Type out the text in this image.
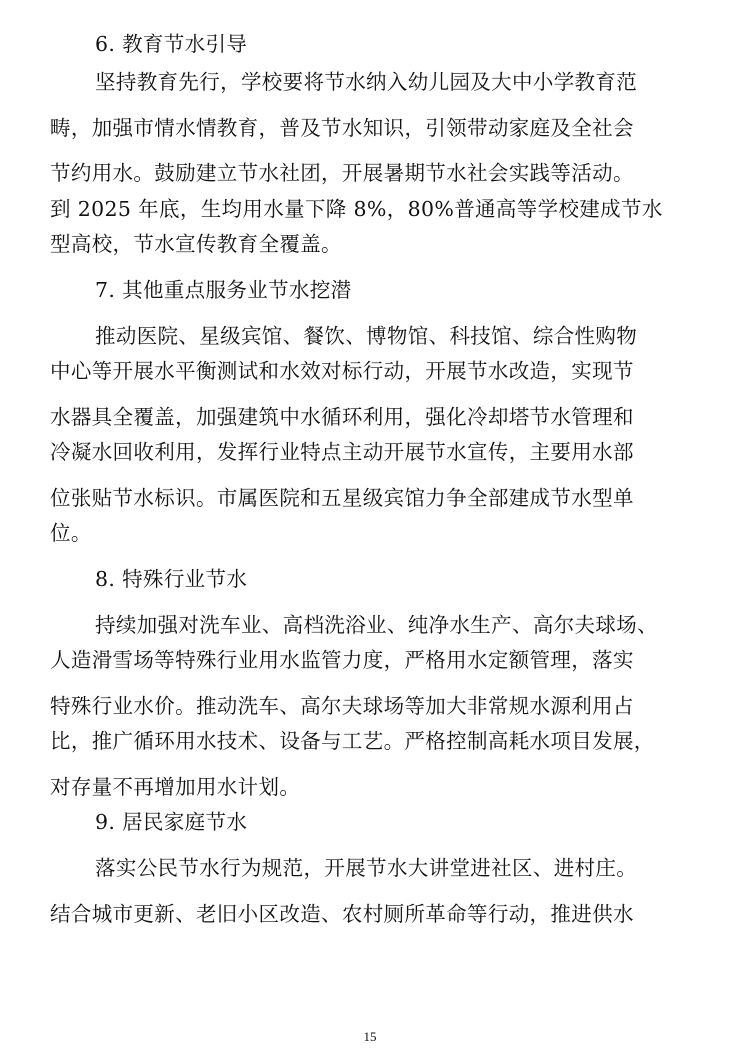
6. 教育节水引导
坚持教育先行，学校要将节水纳入幼儿园及大中小学教育范
畴，加强市情水情教育，普及节水知识，引领带动家庭及全社会
节约用水。鼓励建立节水社团，开展暑期节水社会实践等活动。
到 2025 年底，生均用水量下降 8%，80%普通高等学校建成节水
型高校，节水宣传教育全覆盖。
7. 其他重点服务业节水挖潜
推动医院、星级宾馆、餐饮、博物馆、科技馆、综合性购物
中心等开展水平衡测试和水效对标行动，开展节水改造，实现节
水器具全覆盖，加强建筑中水循环利用，强化冷却塔节水管理和
冷凝水回收利用，发挥行业特点主动开展节水宣传，主要用水部
位张贴节水标识。市属医院和五星级宾馆力争全部建成节水型单
位。
8. 特殊行业节水
持续加强对洗车业、高档洗浴业、纯净水生产、高尔夫球场、
人造滑雪场等特殊行业用水监管力度，严格用水定额管理，落实
特殊行业水价。推动洗车、高尔夫球场等加大非常规水源利用占
比，推广循环用水技术、设备与工艺。严格控制高耗水项目发展，
对存量不再增加用水计划。
9. 居民家庭节水
落实公民节水行为规范，开展节水大讲堂进社区、进村庄。
结合城市更新、老旧小区改造、农村厕所革命等行动，推进供水
15
